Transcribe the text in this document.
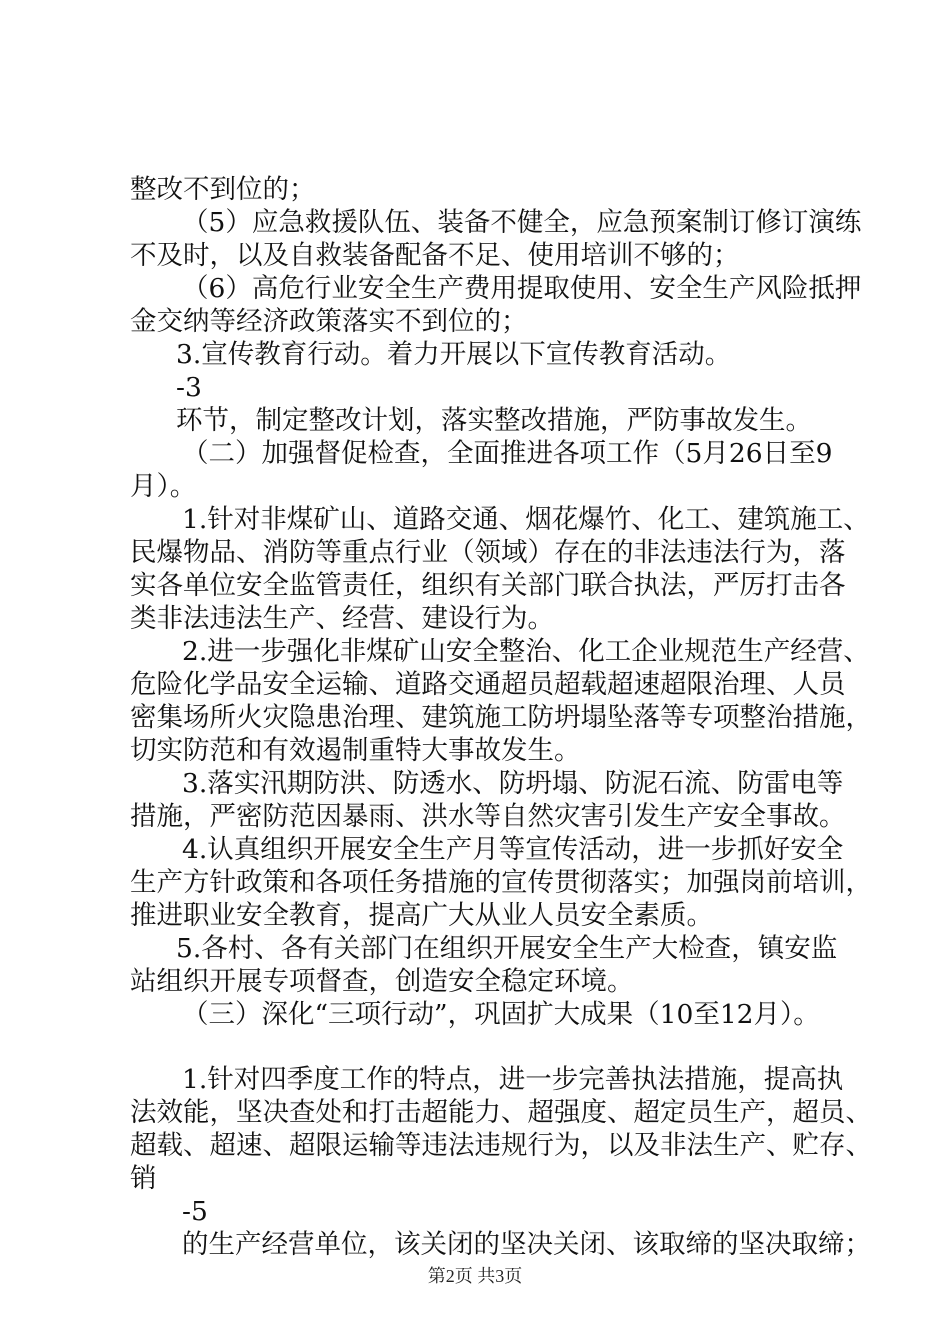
整改不到位的；
（5）应急救援队伍、装备不健全，应急预案制订修订演练
不及时，以及自救装备配备不足、使用培训不够的；
（6）高危行业安全生产费用提取使用、安全生产风险抵押
金交纳等经济政策落实不到位的；
3.宣传教育行动。着力开展以下宣传教育活动。
-3
环节，制定整改计划，落实整改措施，严防事故发生。
（二）加强督促检查，全面推进各项工作（5月26日至9
月）。
1.针对非煤矿山、道路交通、烟花爆竹、化工、建筑施工、
民爆物品、消防等重点行业（领域）存在的非法违法行为，落
实各单位安全监管责任，组织有关部门联合执法，严厉打击各
类非法违法生产、经营、建设行为。
2.进一步强化非煤矿山安全整治、化工企业规范生产经营、
危险化学品安全运输、道路交通超员超载超速超限治理、人员
密集场所火灾隐患治理、建筑施工防坍塌坠落等专项整治措施，
切实防范和有效遏制重特大事故发生。
3.落实汛期防洪、防透水、防坍塌、防泥石流、防雷电等
措施，严密防范因暴雨、洪水等自然灾害引发生产安全事故。
4.认真组织开展安全生产月等宣传活动，进一步抓好安全
生产方针政策和各项任务措施的宣传贯彻落实；加强岗前培训，
推进职业安全教育，提高广大从业人员安全素质。
5.各村、各有关部门在组织开展安全生产大检查，镇安监
站组织开展专项督查，创造安全稳定环境。
（三）深化“三项行动”，巩固扩大成果（10至12月）。
1.针对四季度工作的特点，进一步完善执法措施，提高执
法效能，坚决查处和打击超能力、超强度、超定员生产，超员、
超载、超速、超限运输等违法违规行为，以及非法生产、贮存、
销
-5
的生产经营单位，该关闭的坚决关闭、该取缔的坚决取缔；
第2页 共3页
